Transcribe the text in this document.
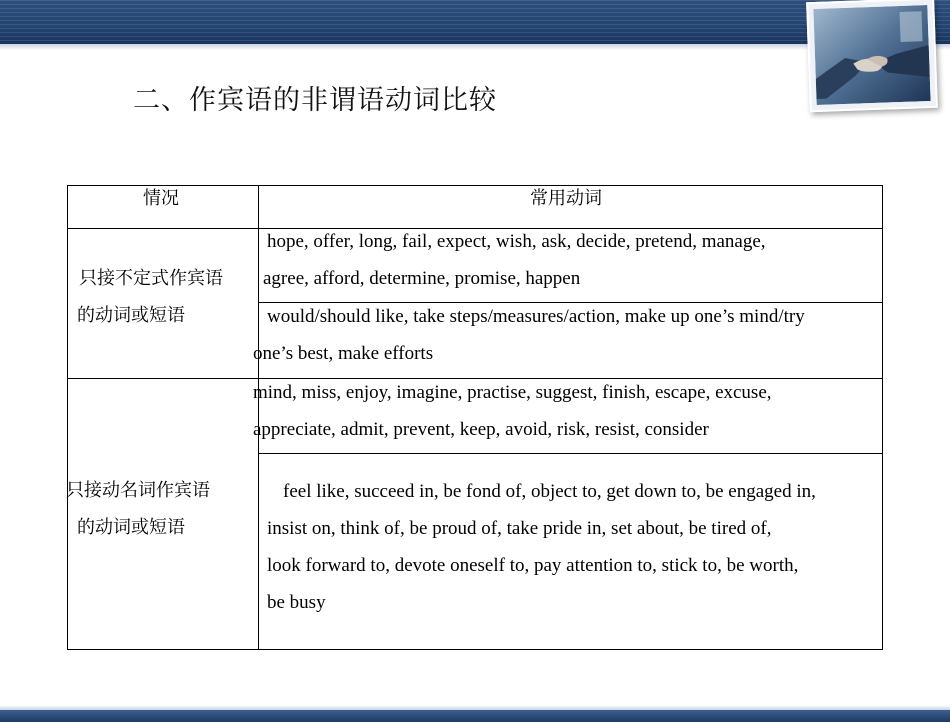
二、作宾语的非谓语动词比较
情况	常用动词
只接不定式作宾语
的动词或短语
hope, offer, long, fail, expect, wish, ask, decide, pretend, manage,
agree, afford, determine, promise, happen
would/should like, take steps/measures/action, make up one’s mind/try
one’s best, make efforts
mind, miss, enjoy, imagine, practise, suggest, finish, escape, excuse,
appreciate, admit, prevent, keep, avoid, risk, resist, consider
只接动名词作宾语
的动词或短语
feel like, succeed in, be fond of, object to, get down to, be engaged in,
insist on, think of, be proud of, take pride in, set about, be tired of,
look forward to, devote oneself to, pay attention to, stick to, be worth,
be busy
